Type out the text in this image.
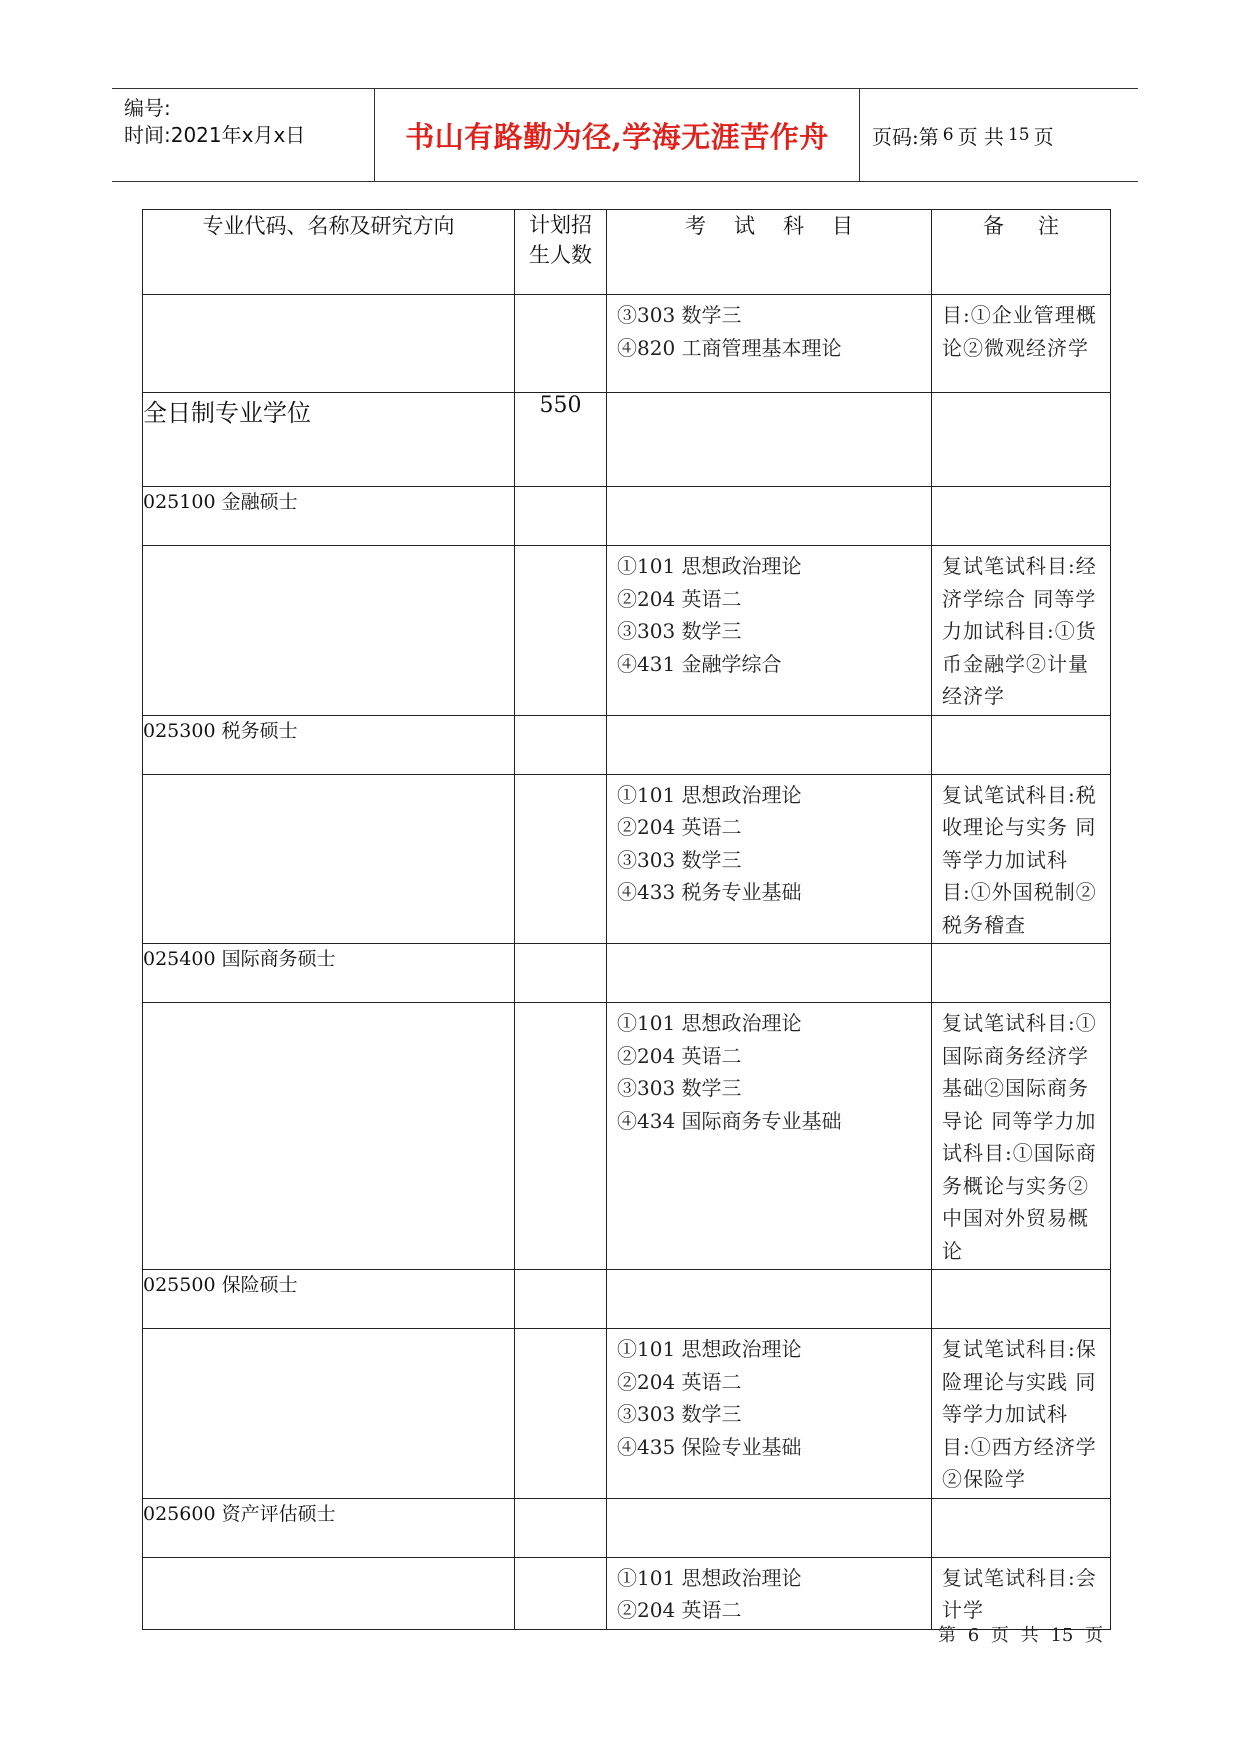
编号:
时间:2021年x月x日	书山有路勤为径,学海无涯苦作舟	页码:第 6 页 共 15 页
专业代码、名称及研究方向	计划招
生人数	考试科目	备注

		③303 数学三
④820 工商管理基本理论	目:①企业管理概论②微观经济学

全日制专业学位	550		
025100 金融硕士			

		①101 思想政治理论
②204 英语二
③303 数学三
④431 金融学综合	复试笔试科目:经济学综合 同等学力加试科目:①货币金融学②计量经济学

025300 税务硕士			

		①101 思想政治理论
②204 英语二
③303 数学三
④433 税务专业基础	复试笔试科目:税收理论与实务 同等学力加试科目:①外国税制②税务稽查

025400 国际商务硕士			

		①101 思想政治理论
②204 英语二
③303 数学三
④434 国际商务专业基础	复试笔试科目:①国际商务经济学基础②国际商务导论 同等学力加试科目:①国际商务概论与实务②中国对外贸易概论

025500 保险硕士			

		①101 思想政治理论
②204 英语二
③303 数学三
④435 保险专业基础	复试笔试科目:保险理论与实践 同等学力加试科目:①西方经济学②保险学

025600 资产评估硕士			

		①101 思想政治理论
②204 英语二	复试笔试科目:会计学
第 6 页 共 15 页
